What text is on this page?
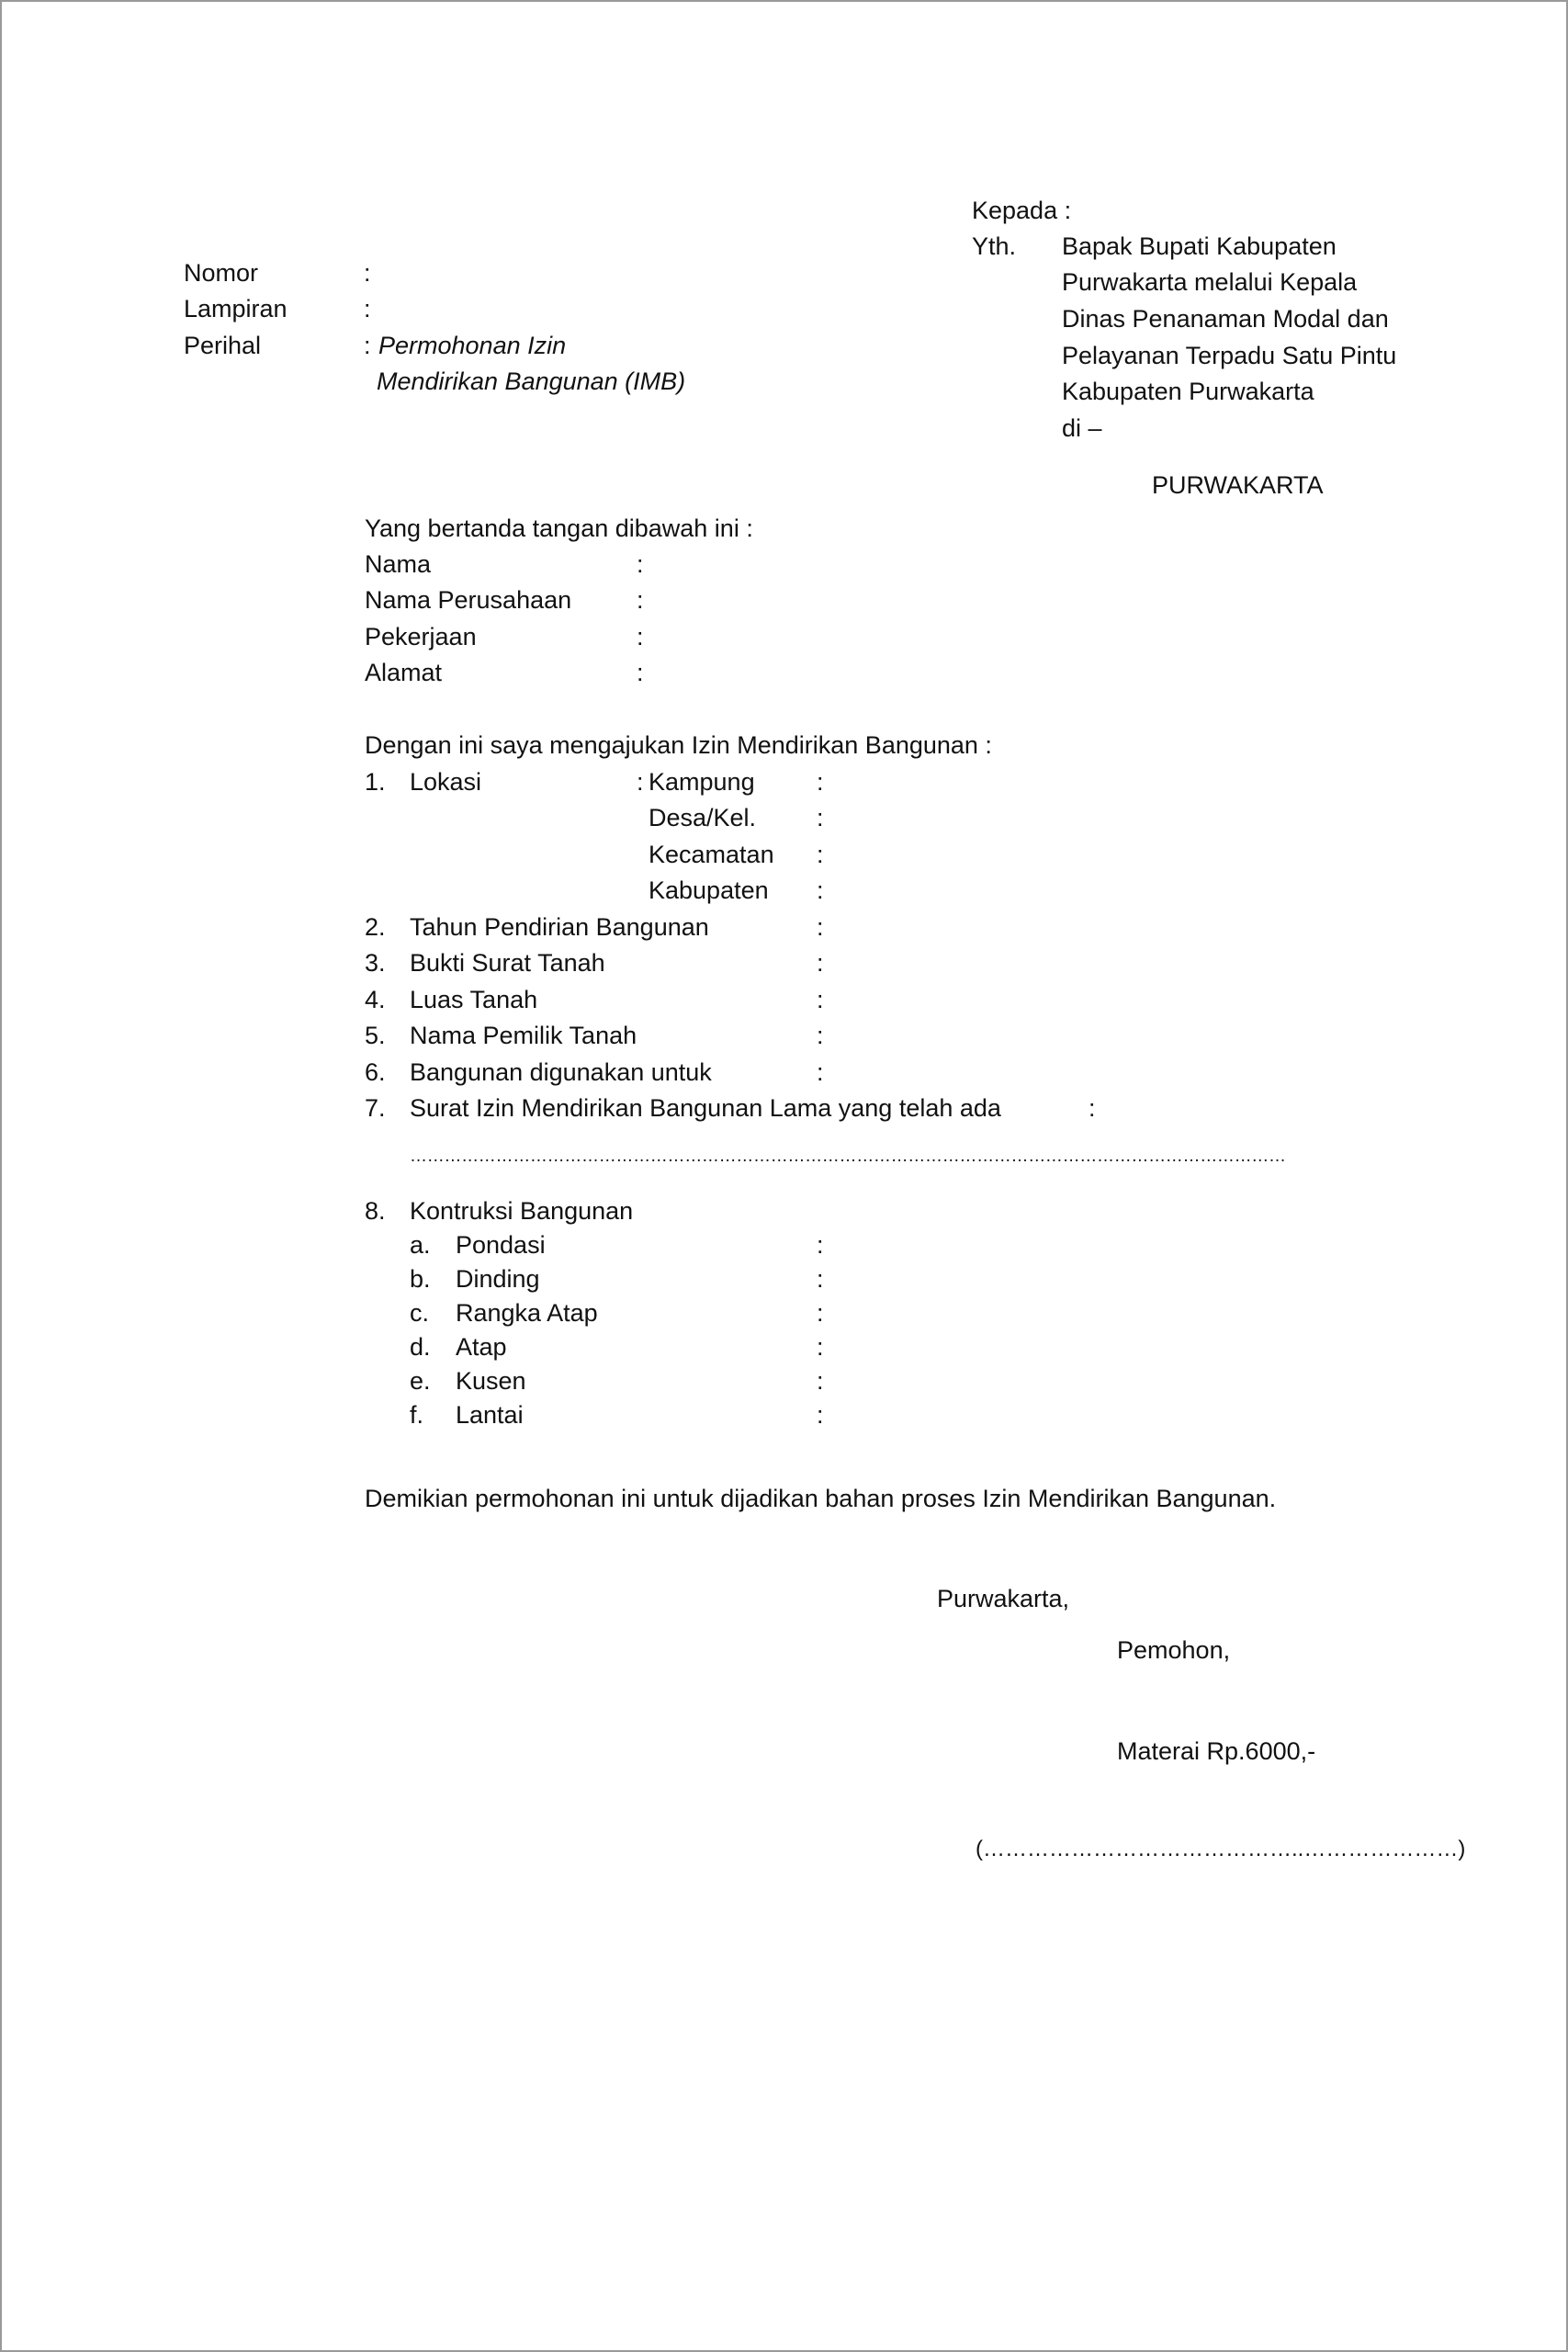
Kepada :
Yth. Bapak Bupati Kabupaten
Purwakarta melalui Kepala
Dinas Penanaman Modal dan
Pelayanan Terpadu Satu Pintu
Kabupaten Purwakarta
di –
PURWAKARTA
Nomor	:
Lampiran	:
Perihal	: Permohonan Izin
Mendirikan Bangunan (IMB)
Yang bertanda tangan dibawah ini :
Nama	:
Nama Perusahaan	:
Pekerjaan	:
Alamat	:
Dengan ini saya mengajukan Izin Mendirikan Bangunan :
1. Lokasi	: Kampung :
Desa/Kel. :
Kecamatan :
Kabupaten :
2. Tahun Pendirian Bangunan	:
3. Bukti Surat Tanah	:
4. Luas Tanah	:
5. Nama Pemilik Tanah	:
6. Bangunan digunakan untuk	:
7. Surat Izin Mendirikan Bangunan Lama yang telah ada	:
………………………………………………………………………………………………………………………………………
8. Kontruksi Bangunan
a. Pondasi	:
b. Dinding	:
c. Rangka Atap	:
d. Atap	:
e. Kusen	:
f. Lantai	:
Demikian permohonan ini untuk dijadikan bahan proses Izin Mendirikan Bangunan.
Purwakarta,
Pemohon,
Materai Rp.6000,-
(……………………………………..…………………)
